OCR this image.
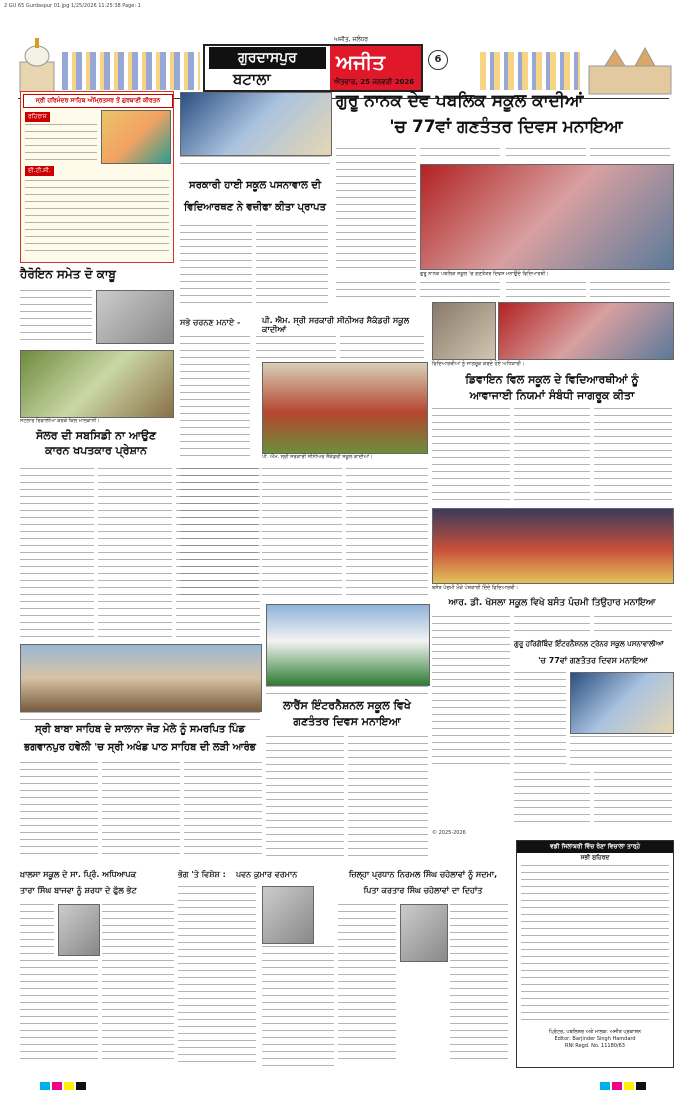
2 GU 65 Gurdaspur 01.jpg 1/25/2026 11:25:38 Page: 1
ਗੁਰਦਾਸਪੁਰ
ਬਟਾਲਾ
ਅਜੀਤ
ਅਜੀਤ, ਜਲੰਧਰ
ਐਤਵਾਰ, 25 ਜਨਵਰੀ 2026
6
ਸ੍ਰੀ ਹਰਿਮੰਦਰ ਸਾਹਿਬ ਅੰਮ੍ਰਿਤਸਰ ਤੋਂ ਗੁਰਬਾਣੀ ਕੀਰਤਨ
ਰਹਿਰਾਸ
ਈ.ਟੀ.ਸੀ.
ਹੈਰੋਇਨ ਸਮੇਤ ਦੋ ਕਾਬੂ
ਸਟਲਾਰ ਰਿਵਾਲੀਆ ਕਰਕੇ ਕਿਲ ਮਾਲਕਾਨੀ।
ਸੋਲਰ ਦੀ ਸਬਸਿਡੀ ਨਾ ਆਉਣ
ਕਾਰਨ ਖਪਤਕਾਰ ਪ੍ਰੇਸ਼ਾਨ
ਸਰਕਾਰੀ ਹਾਈ ਸਕੂਲ ਪਸਨਾਵਾਲ ਦੀ
ਵਿਦਿਆਰਥਣ ਨੇ ਵਜ਼ੀਫਾ ਕੀਤਾ ਪ੍ਰਾਪਤ
ਗੁਰੂ ਨਾਨਕ ਦੇਵ ਪਬਲਿਕ ਸਕੂਲ ਕਾਦੀਆਂ
'ਚ 77ਵਾਂ ਗਣਤੰਤਰ ਦਿਵਸ ਮਨਾਇਆ
ਗੁਰੂ ਨਾਨਕ ਪਬਲਿਕ ਸਕੂਲ 'ਚ ਗਣਤੰਤਰ ਦਿਵਸ ਮਨਾਉਂਦੇ ਵਿਦਿਆਰਥੀ।
ਸਭੇ ਚਰਨਣ ਮਨਾਏ -	ਪੀ. ਐਮ. ਸ੍ਰੀ ਸਰਕਾਰੀ ਸੀਨੀਅਰ ਸੈਕੰਡਰੀ ਸਕੂਲ ਕਾਦੀਆਂ
ਪੀ. ਐਮ. ਸ੍ਰੀ ਸਰਕਾਰੀ ਸੀਨੀਅਰ ਸੈਕੰਡਰੀ ਸਕੂਲ ਕਾਦੀਆਂ।
ਵਿਦਿਆਰਥੀਆਂ ਨੂੰ ਜਾਗਰੂਕ ਕਰਦੇ ਹੋਏ ਅਧਿਕਾਰੀ।
ਡਿਵਾਇਨ ਵਿਲ ਸਕੂਲ ਦੇ ਵਿਦਿਆਰਥੀਆਂ ਨੂੰ
ਆਵਾਜਾਈ ਨਿਯਮਾਂ ਸੰਬੰਧੀ ਜਾਗਰੂਕ ਕੀਤਾ
ਬਸੰਤ ਪੰਚਮੀ ਮੌਕੇ ਪੇਸ਼ਕਾਰੀ ਦਿੰਦੇ ਵਿਦਿਆਰਥੀ।
ਆਰ. ਡੀ. ਖੋਸਲਾ ਸਕੂਲ ਵਿਖੇ ਬਸੰਤ ਪੰਚਮੀ ਤਿਉਹਾਰ ਮਨਾਇਆ
ਗੁਰੂ ਹਰਿਗੋਬਿੰਦ ਇੰਟਰਨੈਸ਼ਨਲ ਟ੍ਰੇਨਰ ਸਕੂਲ ਪਸਨਾਵਾਲੀਆਂ
'ਚ 77ਵਾਂ ਗਣਤੰਤਰ ਦਿਵਸ ਮਨਾਇਆ
© 2025-2026
ਲਾਰੈਂਸ ਇੰਟਰਨੈਸ਼ਨਲ ਸਕੂਲ ਵਿਖੇ
ਗਣਤੰਤਰ ਦਿਵਸ ਮਨਾਇਆ
ਸ੍ਰੀ ਬਾਬਾ ਸਾਹਿਬ ਦੇ ਸਾਲਾਨਾ ਜੋੜ ਮੇਲੇ ਨੂੰ ਸਮਰਪਿਤ ਪਿੰਡ
ਭਗਵਾਨਪੁਰ ਹਵੇਲੀ 'ਚ ਸ੍ਰੀ ਅਖੰਡ ਪਾਠ ਸਾਹਿਬ ਦੀ ਲੜੀ ਆਰੰਭ
ਖ਼ਾਲਸਾ ਸਕੂਲ ਦੇ ਸਾ. ਪ੍ਰਿੰ. ਅਧਿਆਪਕ
ਤਾਰਾ ਸਿੰਘ ਬਾਜਵਾ ਨੂੰ ਸ਼ਰਧਾ ਦੇ ਫੁੱਲ ਭੇਟ
ਭੋਗ 'ਤੇ ਵਿਸ਼ੇਸ਼ : ਪਵਨ ਕੁਮਾਰ ਵਰਮਾਨ	ਜ਼ਿਲ੍ਹਾ ਪ੍ਰਧਾਨ ਨਿਰਮਲ ਸਿੰਘ ਚਹੇਲਾਵਾਂ ਨੂੰ ਸਦਮਾ,
ਪਿਤਾ ਕਰਤਾਰ ਸਿੰਘ ਚਹੇਲਾਵਾਂ ਦਾ ਦਿਹਾਂਤ
ਵਡੀ ਜਿਲਾਬਰੀ ਵਿੱਚ ਰੋਣਾ ਵਿਚਾਲਾ ਤਾਰ੍ਹੇ
ਸਭੀ ਸੁਹਿਰਦ
ਪ੍ਰਿੰਟਰ, ਪਬਲਿਸ਼ਰ ਅਤੇ ਮਾਲਕ: ਅਜੀਤ ਪ੍ਰਕਾਸ਼ਨ
Editor: Barjinder Singh Hamdard
RNI Regd. No. 11180/63
